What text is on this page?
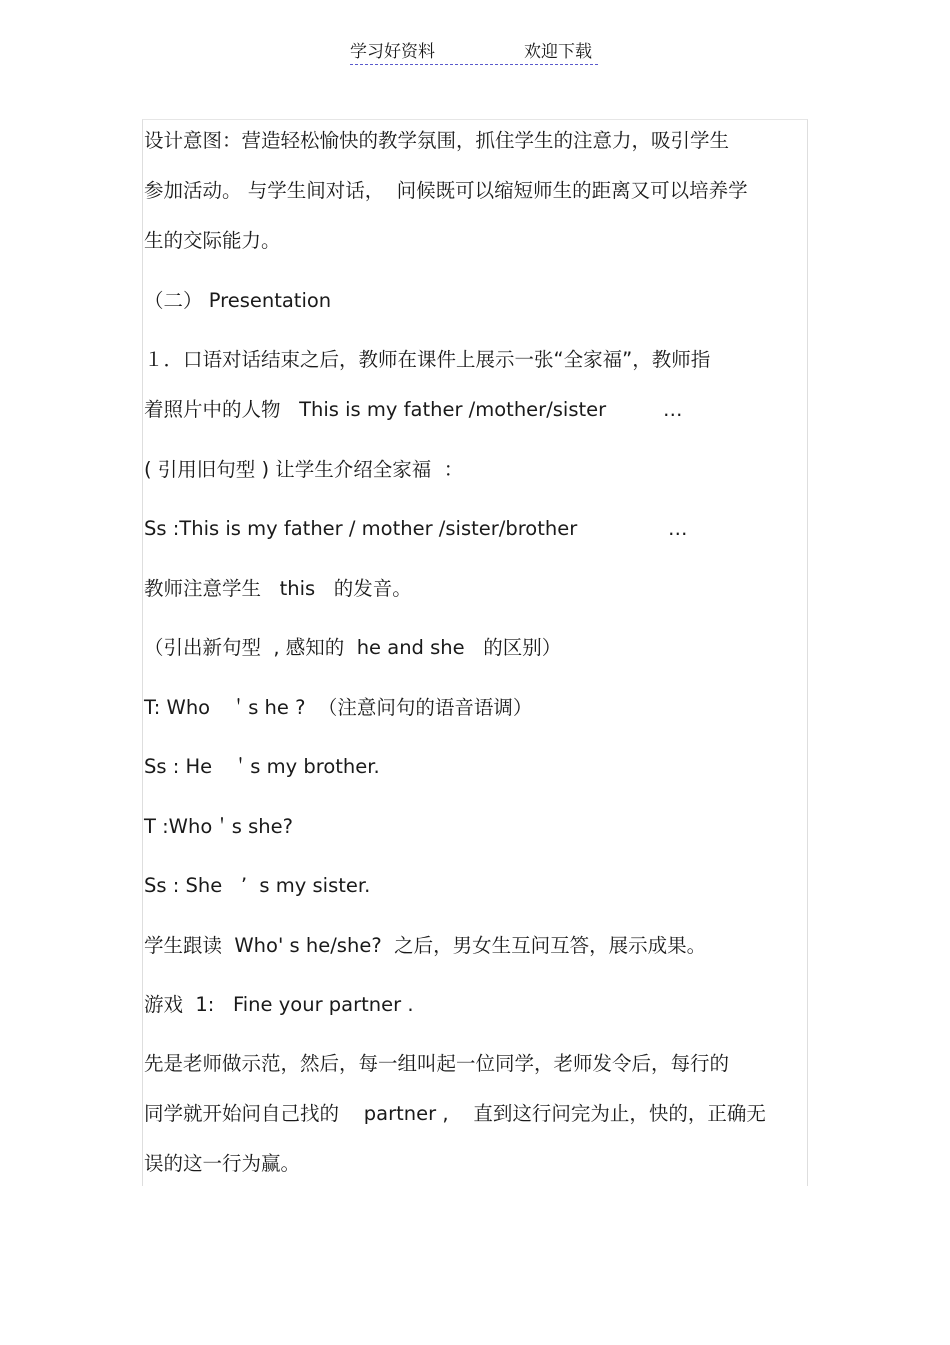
学习好资料	欢迎下载
设计意图：营造轻松愉快的教学氛围，抓住学生的注意力，吸引学生
参加活动。 与学生间对话，  问候既可以缩短师生的距离又可以培养学
生的交际能力。
（二） Presentation
１．口语对话结束之后，教师在课件上展示一张“全家福”，教师指
着照片中的人物   This is my father /mother/sister	…
( 引用旧句型 ) 让学生介绍全家福  ：
Ss :This is my father / mother /sister/brother	…
教师注意学生   this   的发音。
（引出新句型  , 感知的  he and she   的区别）
T: Who   ＇s he ?  （注意问句的语音语调）
Ss : He   ＇s my brother.
T :Who＇s she?
Ss : She   ’  s my sister.
学生跟读  Who' s he/she?  之后，男女生互问互答，展示成果。
游戏  1:   Fine your partner .
先是老师做示范，然后，每一组叫起一位同学，老师发令后，每行的
同学就开始问自己找的    partner ,    直到这行问完为止，快的，正确无
误的这一行为赢。
